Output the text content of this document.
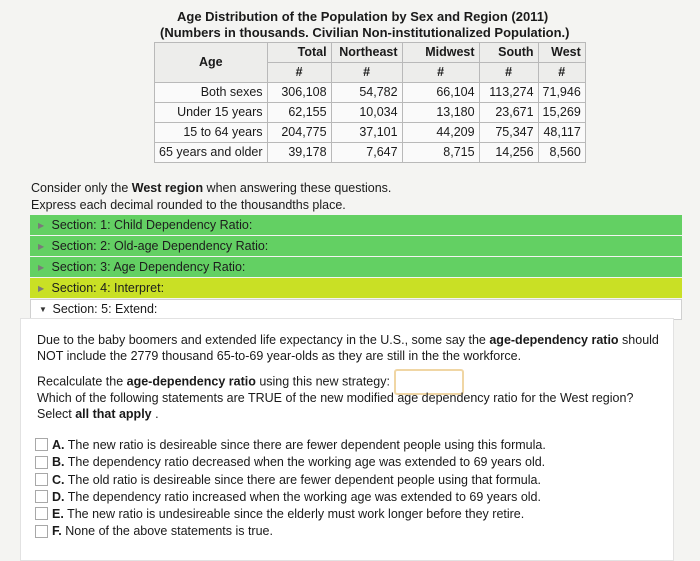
Age Distribution of the Population by Sex and Region (2011)
(Numbers in thousands. Civilian Non-institutionalized Population.)
Age	Total	Northeast	Midwest	South	West
	#	#	#	#	#
Both sexes	306,108	54,782	66,104	113,274	71,946
Under 15 years	62,155	10,034	13,180	23,671	15,269
15 to 64 years	204,775	37,101	44,209	75,347	48,117
65 years and older	39,178	7,647	8,715	14,256	8,560
Consider only the West region when answering these questions.
Express each decimal rounded to the thousandths place.
▶ Section: 1: Child Dependency Ratio:
▶ Section: 2: Old-age Dependency Ratio:
▶ Section: 3: Age Dependency Ratio:
▶ Section: 4: Interpret:
▼ Section: 5: Extend:
Due to the baby boomers and extended life expectancy in the U.S., some say the age-dependency ratio should NOT include the 2779 thousand 65-to-69 year-olds as they are still in the the workforce.
Recalculate the age-dependency ratio using this new strategy:
Which of the following statements are TRUE of the new modified age dependency ratio for the West region?
Select all that apply .
A. The new ratio is desireable since there are fewer dependent people using this formula.
B. The dependency ratio decreased when the working age was extended to 69 years old.
C. The old ratio is desireable since there are fewer dependent people using that formula.
D. The dependency ratio increased when the working age was extended to 69 years old.
E. The new ratio is undesireable since the elderly must work longer before they retire.
F. None of the above statements is true.
